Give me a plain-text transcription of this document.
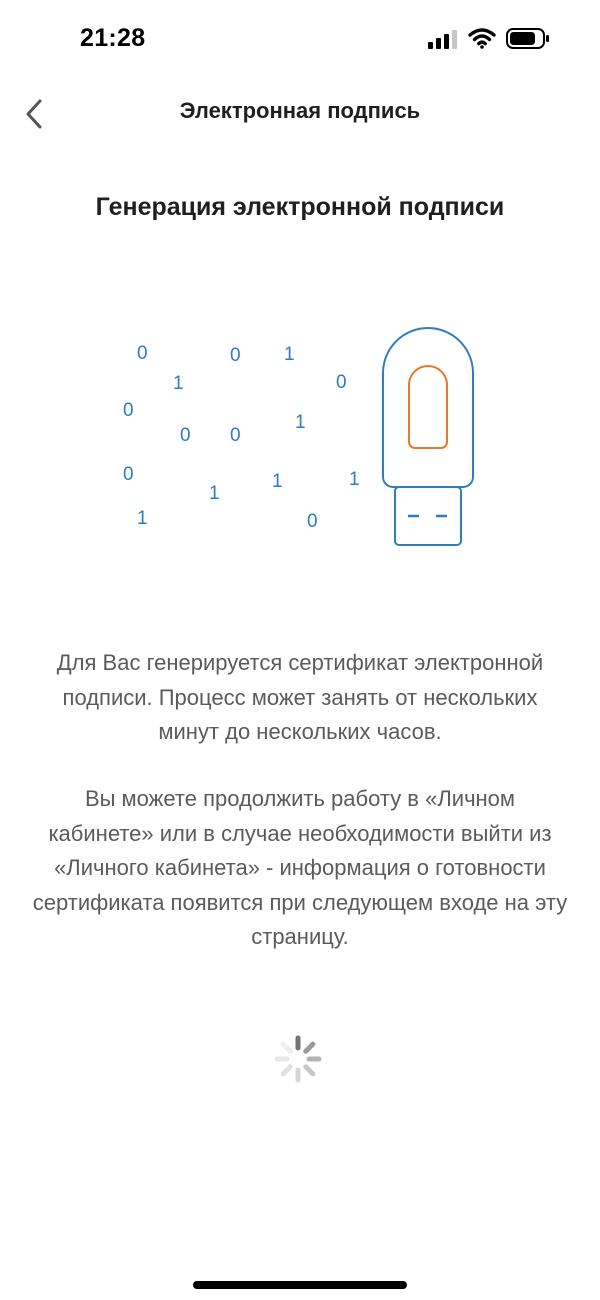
21:28
Электронная подпись
Генерация электронной подписи
0	0 1
1	0
0
0 0
1
0
1
1	1
1	0
Для Вас генерируется сертификат электронной подписи. Процесс может занять от нескольких минут до нескольких часов.
Вы можете продолжить работу в «Личном кабинете» или в случае необходимости выйти из «Личного кабинета» - информация о готовности сертификата появится при следующем входе на эту страницу.
